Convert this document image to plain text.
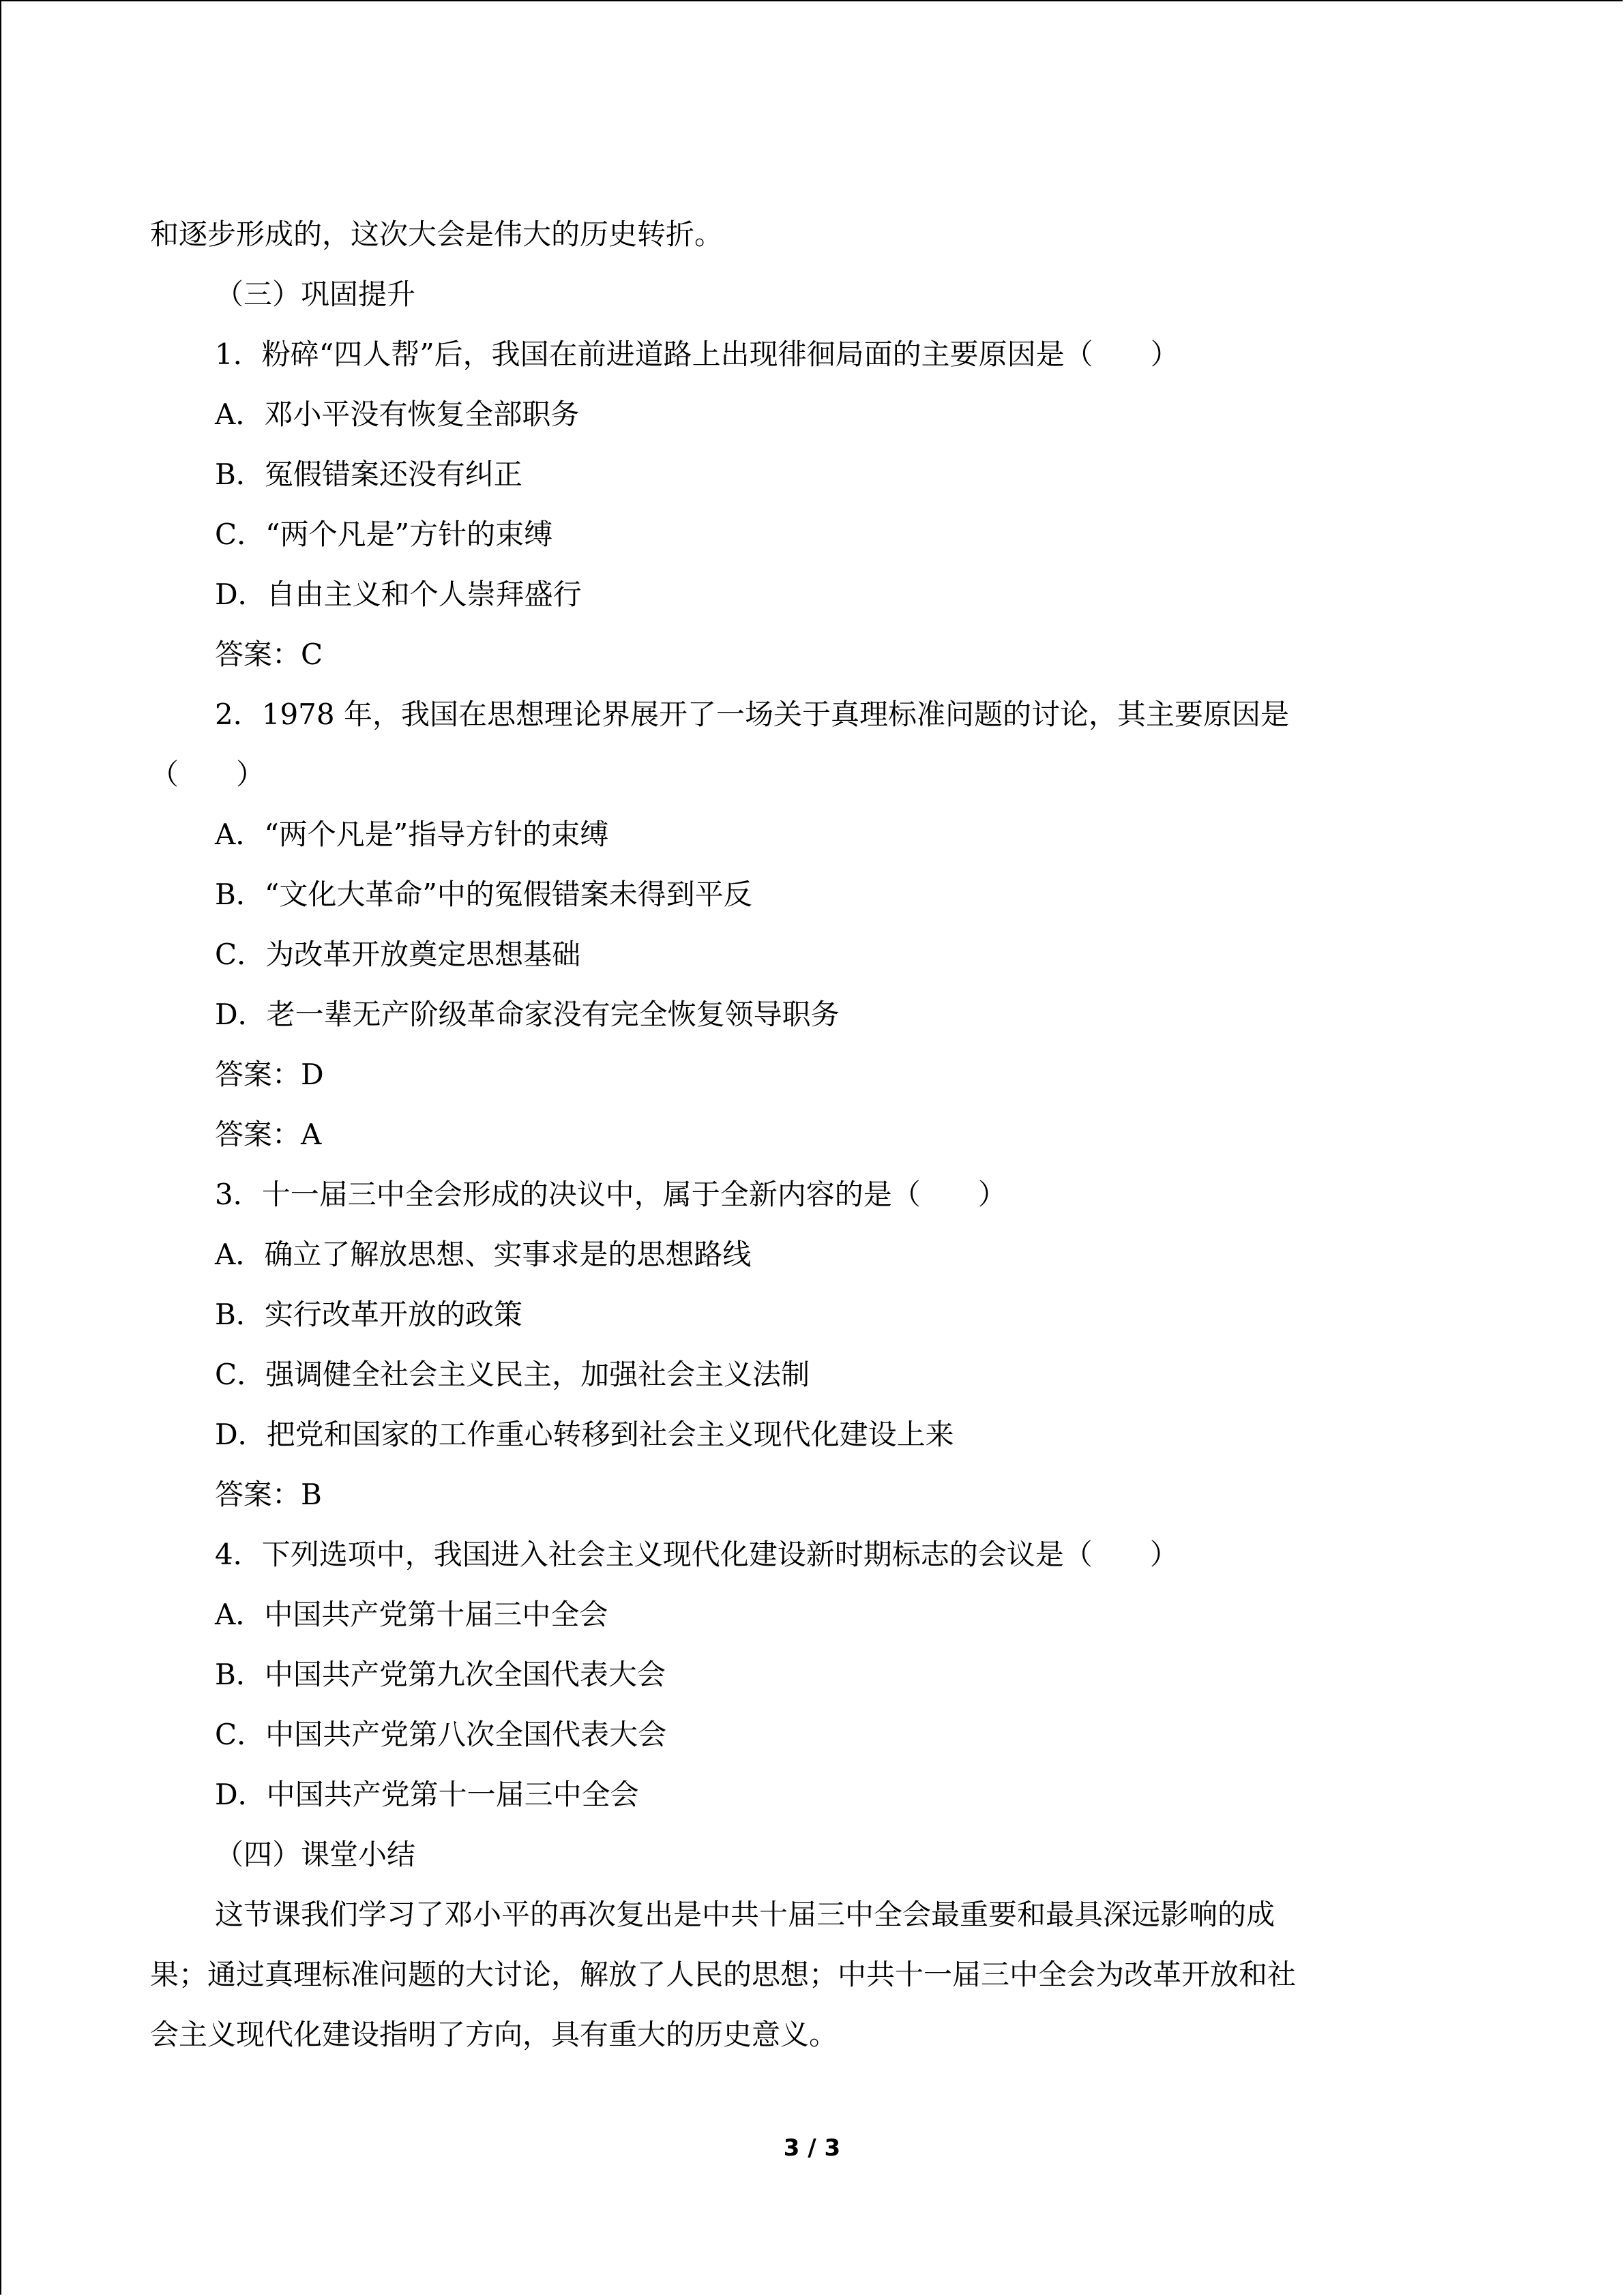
和逐步形成的，这次大会是伟大的历史转折。
（三）巩固提升
1．粉碎“四人帮”后，我国在前进道路上出现徘徊局面的主要原因是（　　）
A．邓小平没有恢复全部职务
B．冤假错案还没有纠正
C．“两个凡是”方针的束缚
D．自由主义和个人崇拜盛行
答案：C
2．1978 年，我国在思想理论界展开了一场关于真理标准问题的讨论，其主要原因是
（　　）
A．“两个凡是”指导方针的束缚
B．“文化大革命”中的冤假错案未得到平反
C．为改革开放奠定思想基础
D．老一辈无产阶级革命家没有完全恢复领导职务
答案：D
答案：A
3．十一届三中全会形成的决议中，属于全新内容的是（　　）
A．确立了解放思想、实事求是的思想路线
B．实行改革开放的政策
C．强调健全社会主义民主，加强社会主义法制
D．把党和国家的工作重心转移到社会主义现代化建设上来
答案：B
4．下列选项中，我国进入社会主义现代化建设新时期标志的会议是（　　）
A．中国共产党第十届三中全会
B．中国共产党第九次全国代表大会
C．中国共产党第八次全国代表大会
D．中国共产党第十一届三中全会
（四）课堂小结
这节课我们学习了邓小平的再次复出是中共十届三中全会最重要和最具深远影响的成
果；通过真理标准问题的大讨论，解放了人民的思想；中共十一届三中全会为改革开放和社
会主义现代化建设指明了方向，具有重大的历史意义。
3 / 3
